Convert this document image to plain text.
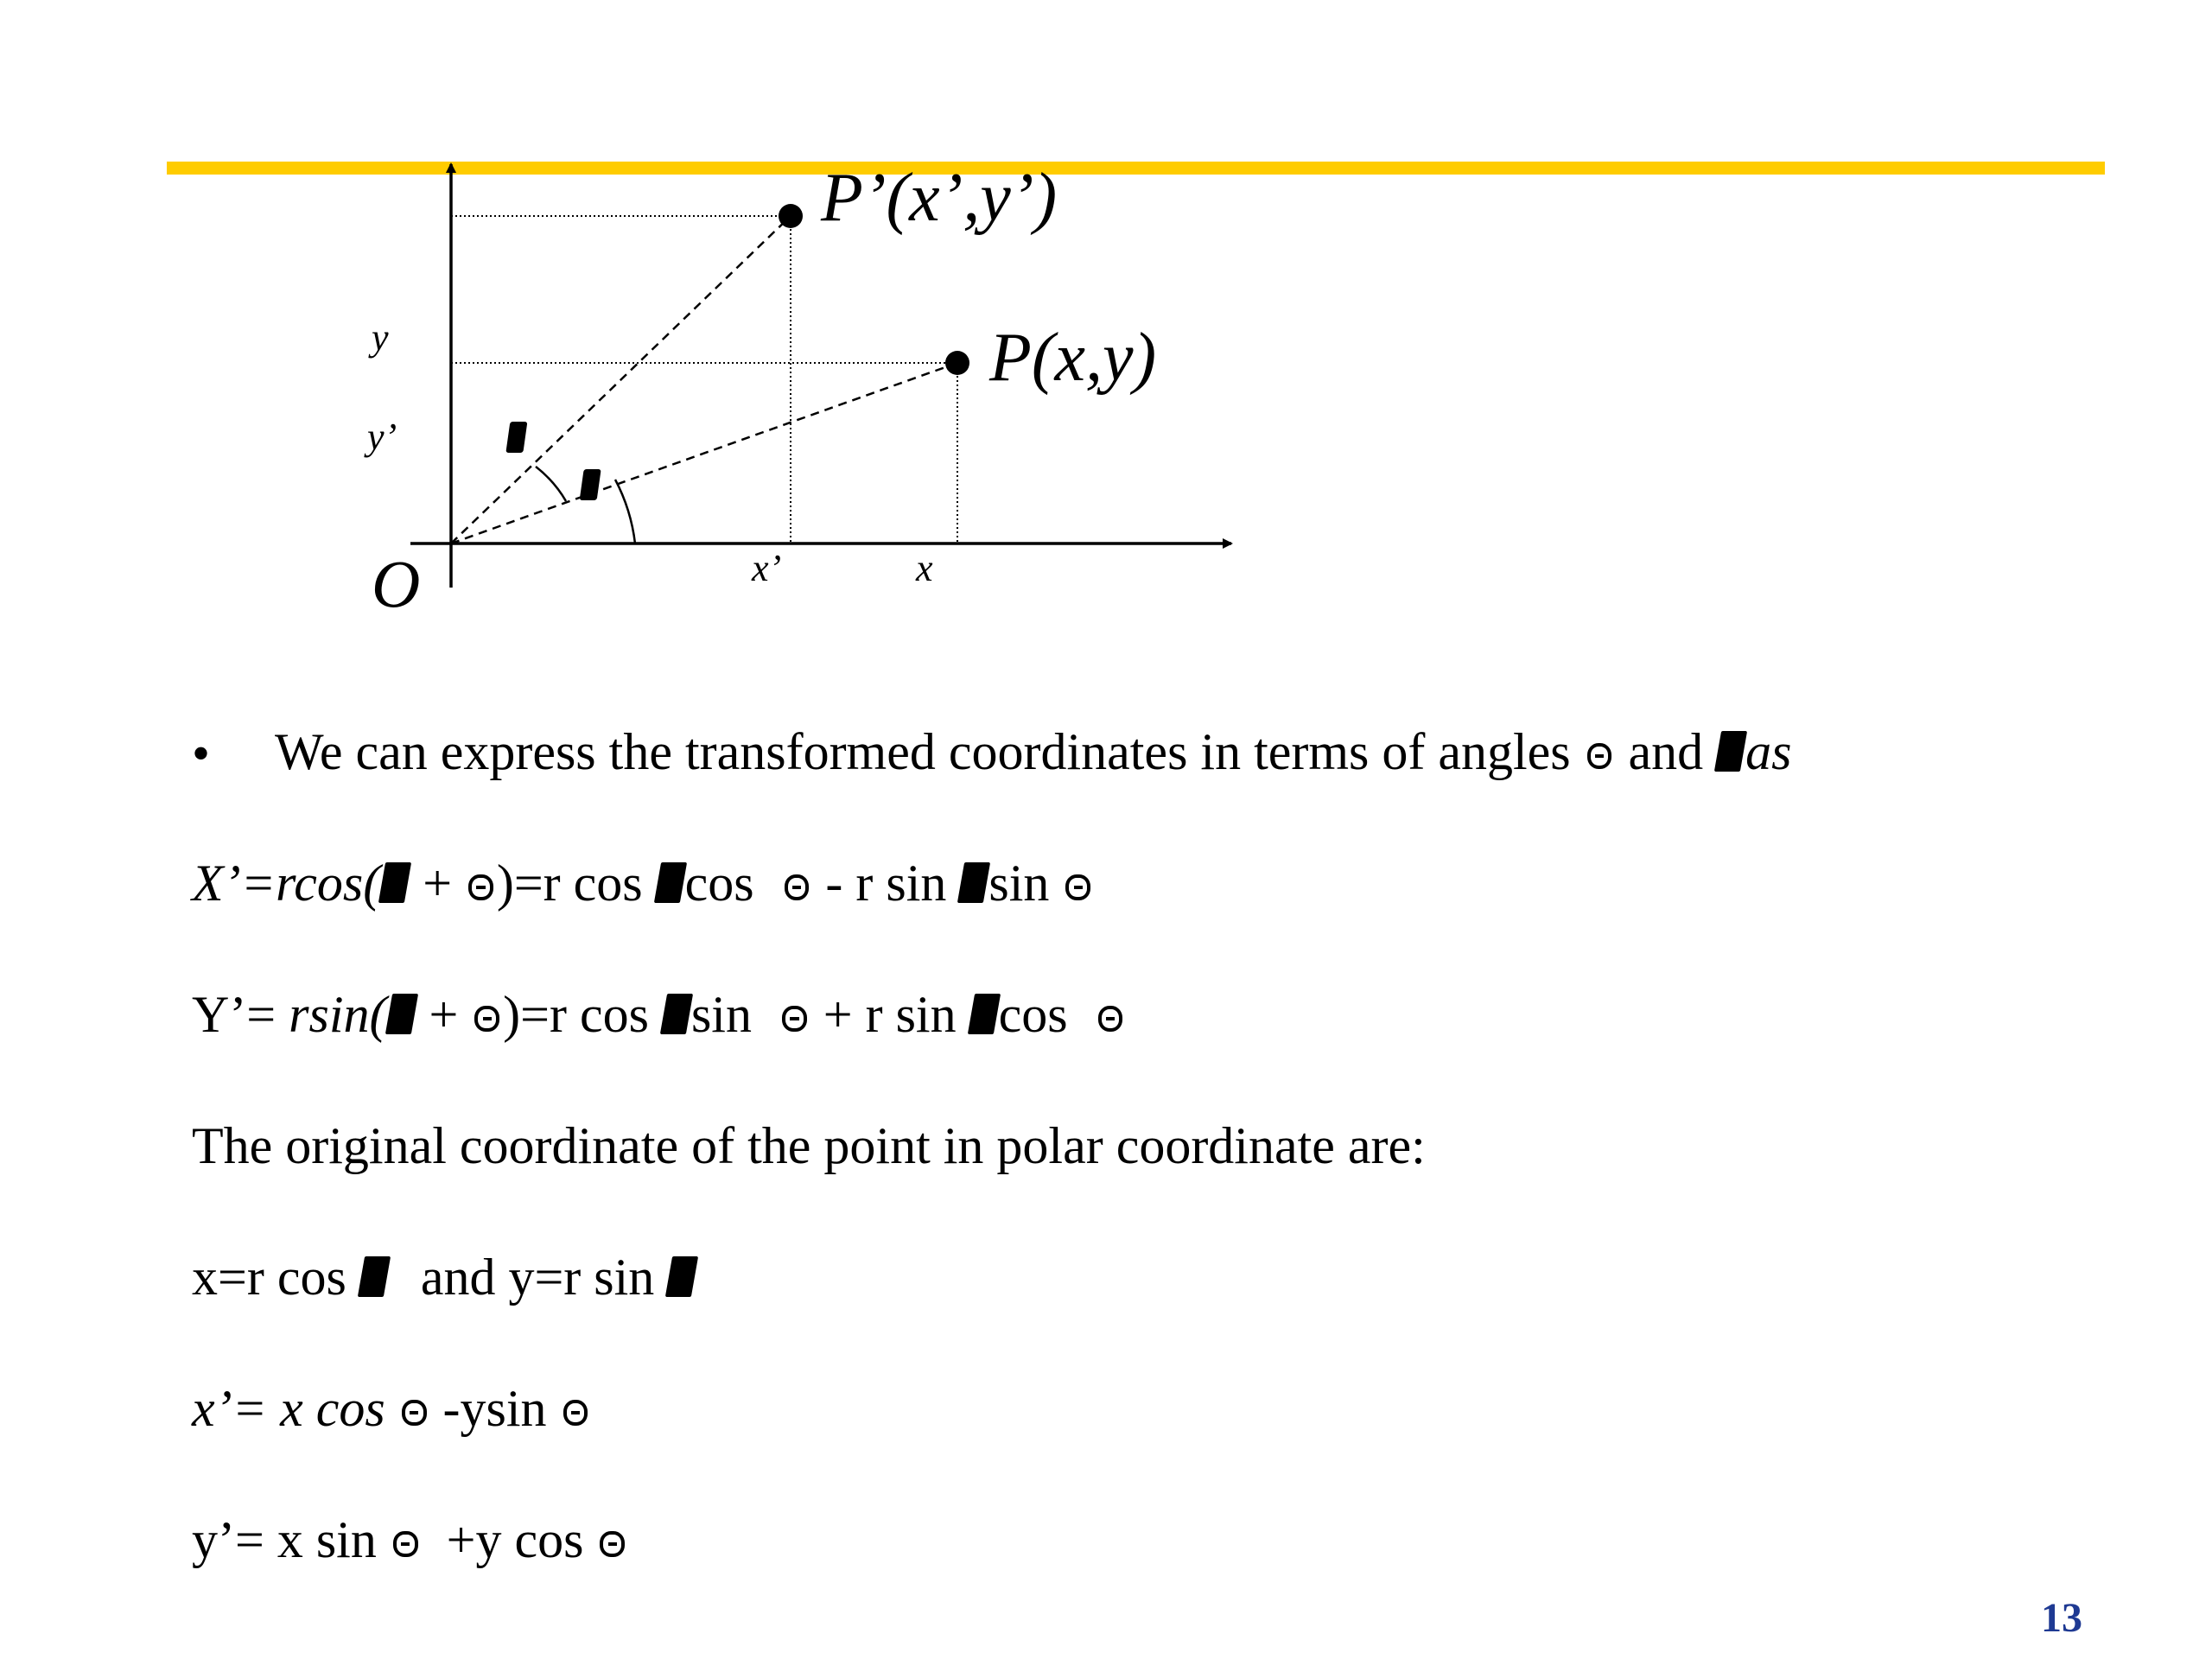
P’(x’,y’)
P(x,y)
O
y
y’
x’	x
• We can express the transformed coordinates in terms of angles and as
X’=rcos( + )=r cos cos - r sin sin
Y’= rsin( + )=r cos sin + r sin cos
The original coordinate of the point in polar coordinate are:
x=r cos and y=r sin
x’= x cos -ysin
y’= x sin +y cos
13
